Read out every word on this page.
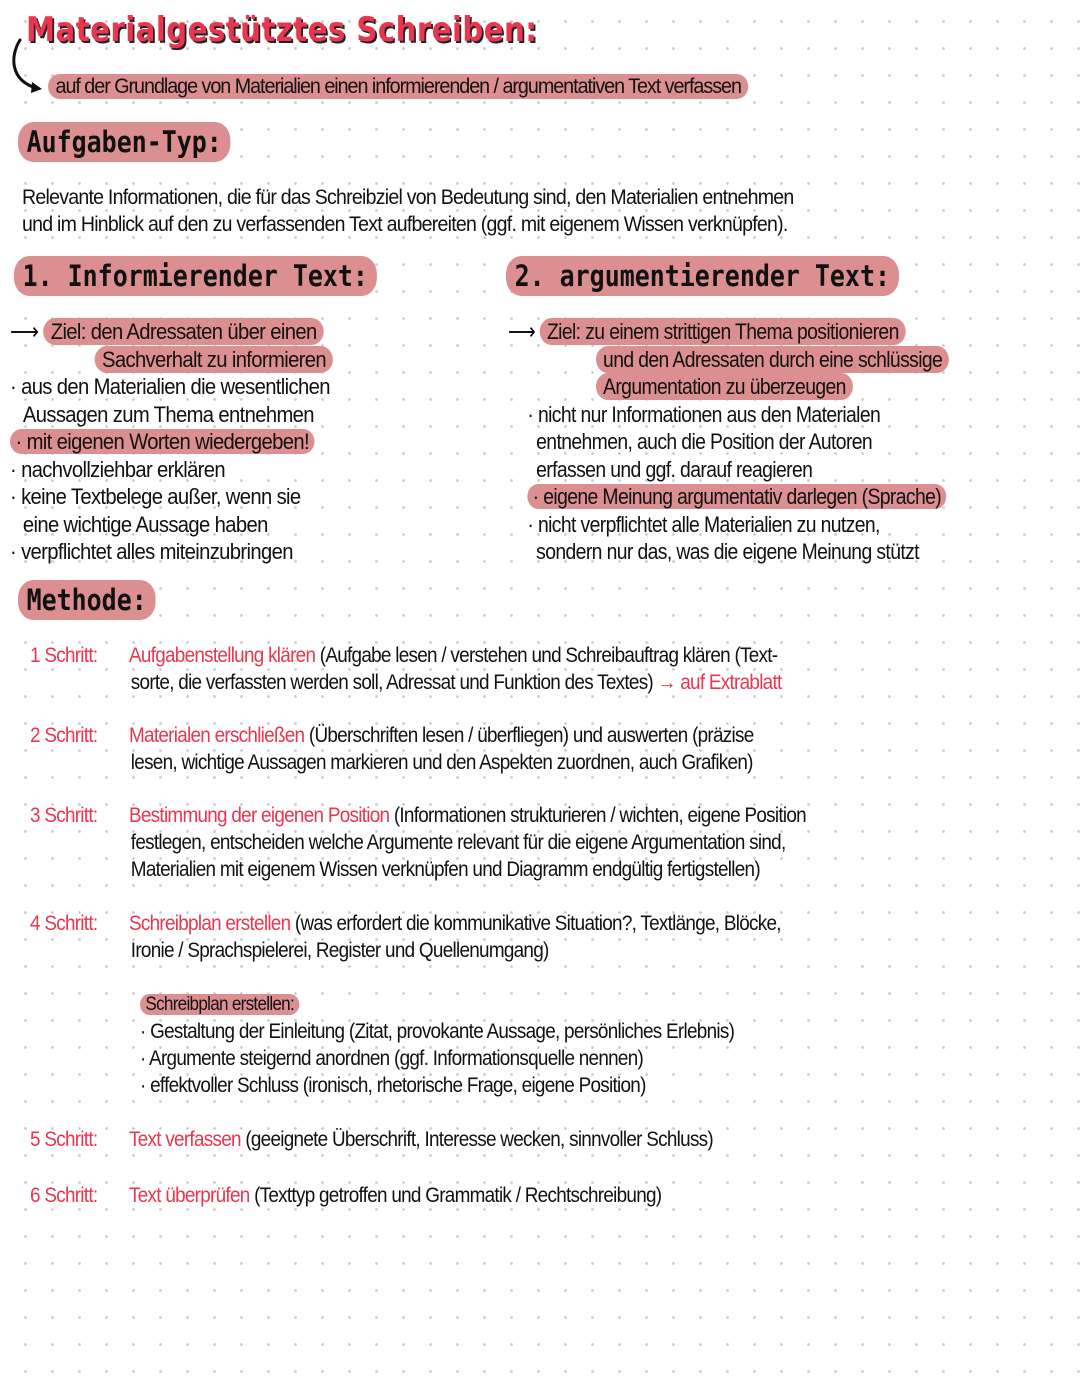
Materialgestütztes Schreiben:
auf der Grundlage von Materialien einen informierenden / argumentativen Text verfassen
Aufgaben-Typ:
Relevante Informationen, die für das Schreibziel von Bedeutung sind, den Materialien entnehmen
und im Hinblick auf den zu verfassenden Text aufbereiten (ggf. mit eigenem Wissen verknüpfen).
1. Informierender Text:
⟶ Ziel: den Adressaten über einen
Sachverhalt zu informieren
· aus den Materialien die wesentlichen
Aussagen zum Thema entnehmen
· mit eigenen Worten wiedergeben!
· nachvollziehbar erklären
· keine Textbelege außer, wenn sie
eine wichtige Aussage haben
· verpflichtet alles miteinzubringen
2. argumentierender Text:
⟶ Ziel: zu einem strittigen Thema positionieren
und den Adressaten durch eine schlüssige
Argumentation zu überzeugen
· nicht nur Informationen aus den Materialen
entnehmen, auch die Position der Autoren
erfassen und ggf. darauf reagieren
· eigene Meinung argumentativ darlegen (Sprache)
· nicht verpflichtet alle Materialien zu nutzen,
sondern nur das, was die eigene Meinung stützt
Methode:
1 Schritt: Aufgabenstellung klären (Aufgabe lesen / verstehen und Schreibauftrag klären (Text-
sorte, die verfassten werden soll, Adressat und Funktion des Textes) → auf Extrablatt
2 Schritt: Materialen erschließen (Überschriften lesen / überfliegen) und auswerten (präzise
lesen, wichtige Aussagen markieren und den Aspekten zuordnen, auch Grafiken)
3 Schritt: Bestimmung der eigenen Position (Informationen strukturieren / wichten, eigene Position
festlegen, entscheiden welche Argumente relevant für die eigene Argumentation sind,
Materialien mit eigenem Wissen verknüpfen und Diagramm endgültig fertigstellen)
4 Schritt: Schreibplan erstellen (was erfordert die kommunikative Situation?, Textlänge, Blöcke,
Ironie / Sprachspielerei, Register und Quellenumgang)
Schreibplan erstellen:
· Gestaltung der Einleitung (Zitat, provokante Aussage, persönliches Erlebnis)
· Argumente steigernd anordnen (ggf. Informationsquelle nennen)
· effektvoller Schluss (ironisch, rhetorische Frage, eigene Position)
5 Schritt: Text verfassen (geeignete Überschrift, Interesse wecken, sinnvoller Schluss)
6 Schritt: Text überprüfen (Texttyp getroffen und Grammatik / Rechtschreibung)
